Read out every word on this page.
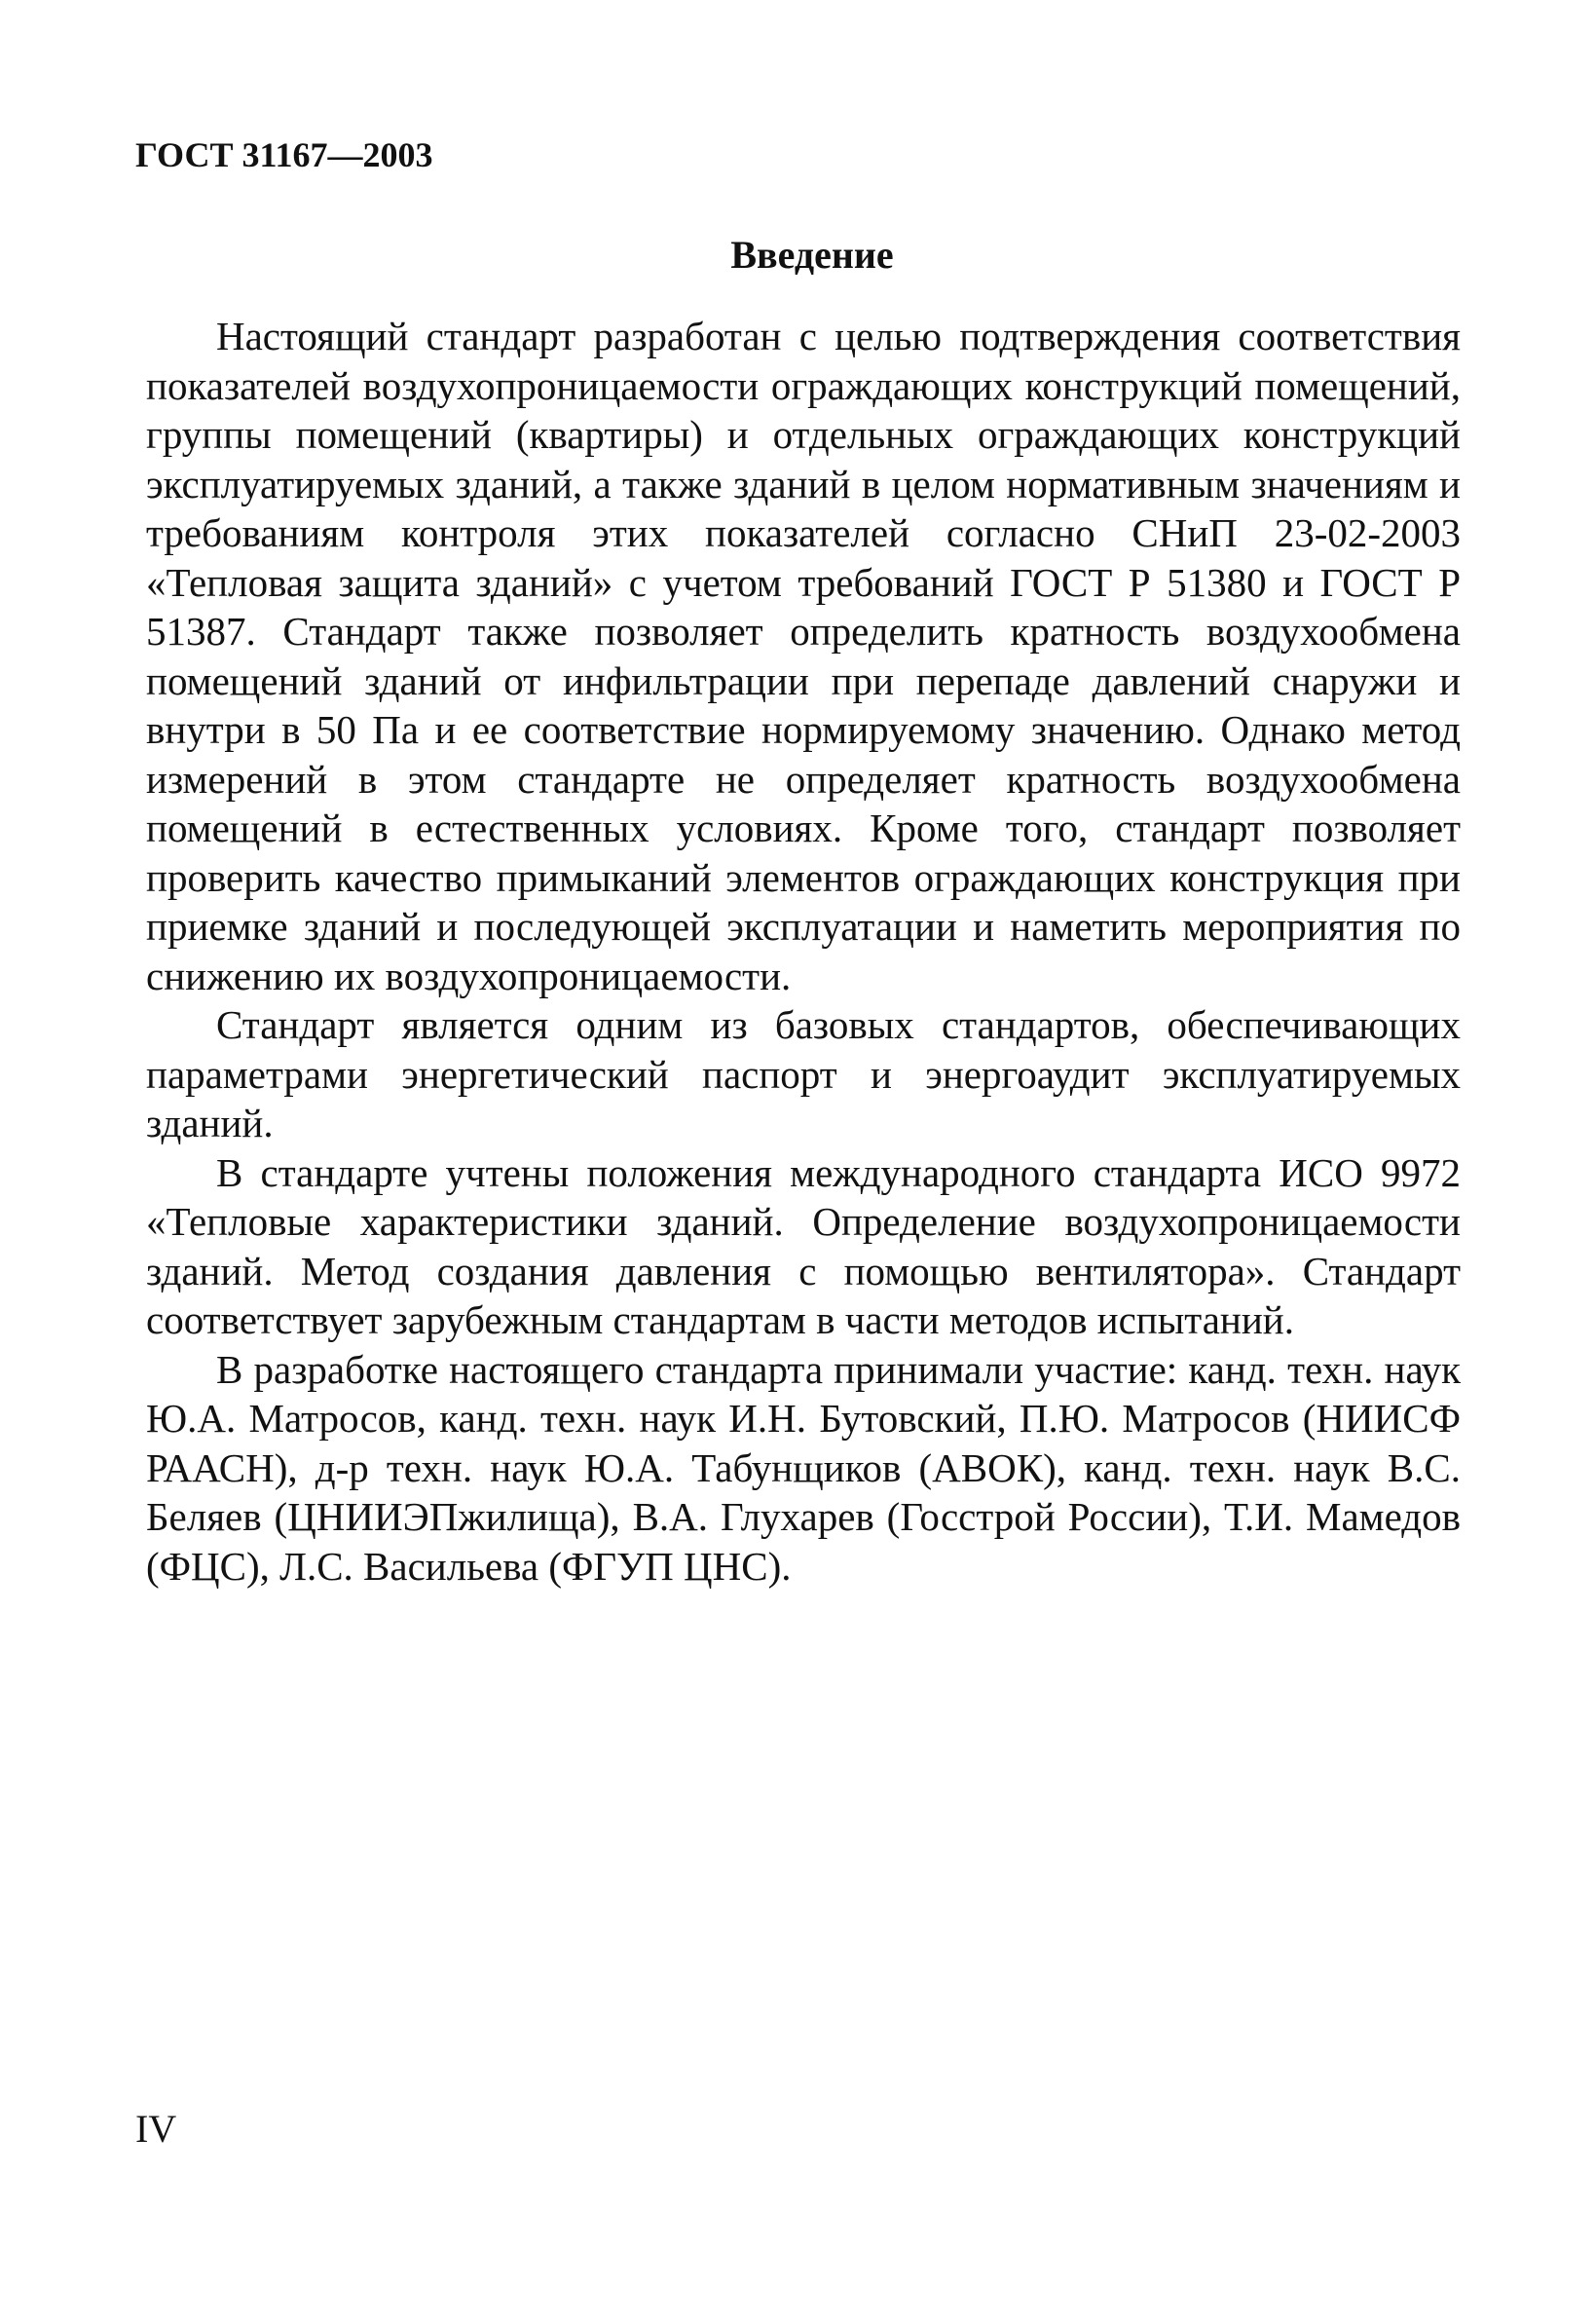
ГОСТ 31167—2003

Введение

Настоящий стандарт разработан с целью подтверждения соответствия показателей воздухопроницаемости ограждающих конструкций помещений, группы помещений (квартиры) и отдельных ограждающих конструкций эксплуатируемых зданий, а также зданий в целом нормативным значениям и требованиям контроля этих показателей согласно СНиП 23-02-2003 «Тепловая защита зданий» с учетом требований ГОСТ Р 51380 и ГОСТ Р 51387. Стандарт также позволяет определить кратность воздухообмена помещений зданий от инфильтрации при перепаде давлений снаружи и внутри в 50 Па и ее соответствие нормируемому значению. Однако метод измерений в этом стандарте не определяет кратность воздухообмена помещений в естественных условиях. Кроме того, стандарт позволяет проверить качество примыканий элементов ограждающих конструкция при приемке зданий и последующей эксплуатации и наметить мероприятия по снижению их воздухопроницаемости.

Стандарт является одним из базовых стандартов, обеспечивающих параметрами энергетический паспорт и энергоаудит эксплуатируемых зданий.

В стандарте учтены положения международного стандарта ИСО 9972 «Тепловые характеристики зданий. Определение воздухопроницаемости зданий. Метод создания давления с помощью вентилятора». Стандарт соответствует зарубежным стандартам в части методов испытаний.

В разработке настоящего стандарта принимали участие: канд. техн. наук Ю.А. Матросов, канд. техн. наук И.Н. Бутовский, П.Ю. Матросов (НИИСФ РААСН), д-р техн. наук Ю.А. Табунщиков (АВОК), канд. техн. наук В.С. Беляев (ЦНИИЭПжилища), В.А. Глухарев (Госстрой России), Т.И. Мамедов (ФЦС), Л.С. Васильева (ФГУП ЦНС).

IV
